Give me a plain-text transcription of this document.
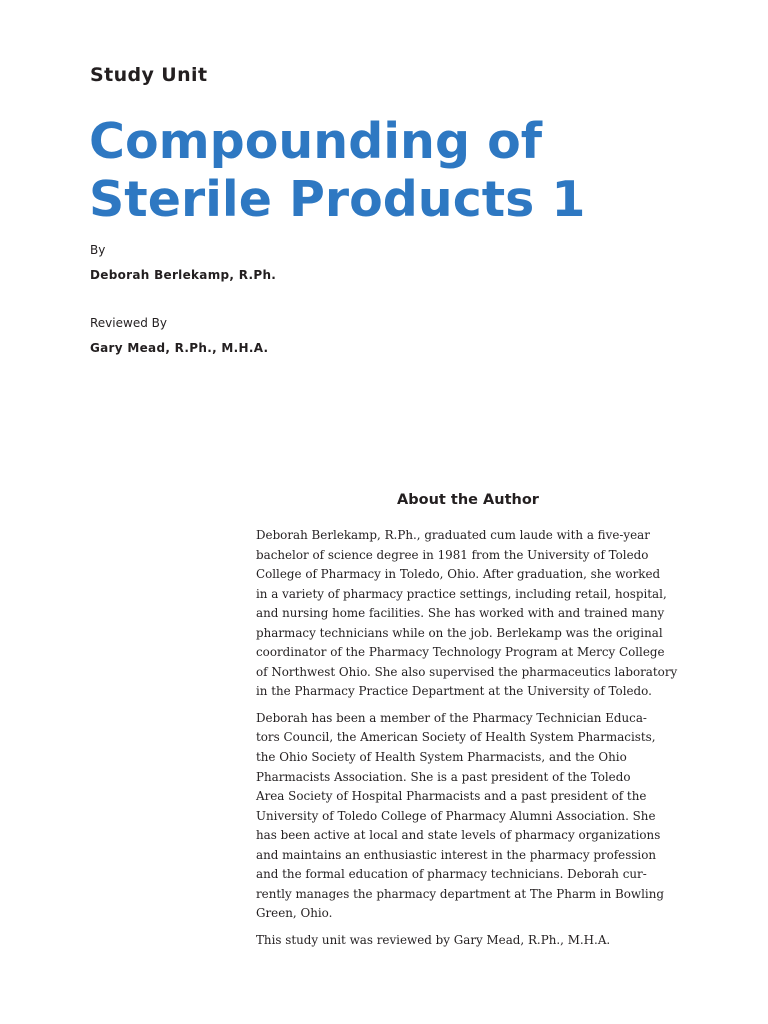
Study Unit
Compounding of
Sterile Products 1
By
Deborah Berlekamp, R.Ph.
Reviewed By
Gary Mead, R.Ph., M.H.A.
About the Author
Deborah Berlekamp, R.Ph., graduated cum laude with a five-year
bachelor of science degree in 1981 from the University of Toledo
College of Pharmacy in Toledo, Ohio. After graduation, she worked
in a variety of pharmacy practice settings, including retail, hospital,
and nursing home facilities. She has worked with and trained many
pharmacy technicians while on the job. Berlekamp was the original
coordinator of the Pharmacy Technology Program at Mercy College
of Northwest Ohio. She also supervised the pharmaceutics laboratory
in the Pharmacy Practice Department at the University of Toledo.
Deborah has been a member of the Pharmacy Technician Educa-
tors Council, the American Society of Health System Pharmacists,
the Ohio Society of Health System Pharmacists, and the Ohio
Pharmacists Association. She is a past president of the Toledo
Area Society of Hospital Pharmacists and a past president of the
University of Toledo College of Pharmacy Alumni Association. She
has been active at local and state levels of pharmacy organizations
and maintains an enthusiastic interest in the pharmacy profession
and the formal education of pharmacy technicians. Deborah cur-
rently manages the pharmacy department at The Pharm in Bowling
Green, Ohio.
This study unit was reviewed by Gary Mead, R.Ph., M.H.A.
